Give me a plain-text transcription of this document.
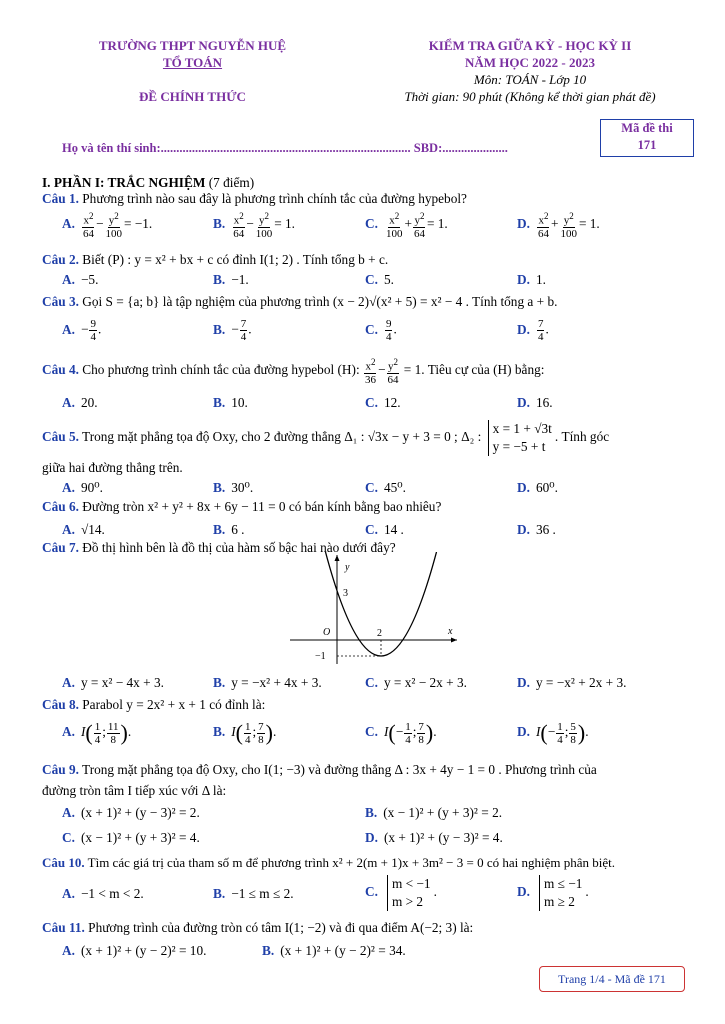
TRƯỜNG THPT NGUYỄN HUỆ
TỔ TOÁN
ĐỀ CHÍNH THỨC
KIỂM TRA GIỮA KỲ - HỌC KỲ II
NĂM HỌC 2022 - 2023
Môn: TOÁN - Lớp 10
Thời gian: 90 phút (Không kể thời gian phát đề)
Họ và tên thí sinh:................................................................................ SBD:.....................
Mã đề thi
171
I. PHẦN I: TRẮC NGHIỆM (7 điểm)
Câu 1. Phương trình nào sau đây là phương trình chính tắc của đường hypebol?
A. $\frac{x^2}{64} - \frac{y^2}{100} = -1$.	B. $\frac{x^2}{64} - \frac{y^2}{100} = 1$.	C. $\frac{x^2}{100} + \frac{y^2}{64} = 1$.	D. $\frac{x^2}{64} + \frac{y^2}{100} = 1$.
Câu 2. Biết (P) : y = x² + bx + c có đỉnh I(1; 2) . Tính tổng b + c.
A. −5.	B. −1.	C. 5.	D. 1.
Câu 3. Gọi S = {a; b} là tập nghiệm của phương trình (x − 2)√(x² + 5) = x² − 4 . Tính tổng a + b.
A. − $\frac{9}{4}$ .	B. − $\frac{7}{4}$ .	C. $\frac{9}{4}$ .	D. $\frac{7}{4}$ .
Câu 4. Cho phương trình chính tắc của đường hypebol (H): $\frac{x^2}{36} - \frac{y^2}{64} = 1$. Tiêu cự của (H) bằng:
A. 20.	B. 10.	C. 12.	D. 16.
Câu 5. Trong mặt phẳng tọa độ Oxy, cho 2 đường thẳng Δ₁ : √3x − y + 3 = 0 ; Δ₂ :
x = 1 + √3t
y = −5 + t
. Tính góc
giữa hai đường thẳng trên.
A. 90⁰.	B. 30⁰.	C. 45⁰.	D. 60⁰.
Câu 6. Đường tròn x² + y² + 8x + 6y − 11 = 0 có bán kính bằng bao nhiêu?
A. √14.	B. 6 .	C. 14 .	D. 36 .
Câu 7. Đồ thị hình bên là đồ thị của hàm số bậc hai nào dưới đây?
x
y
O
3
2
−1
A. y = x² − 4x + 3.	B. y = −x² + 4x + 3.	C. y = x² − 2x + 3.	D. y = −x² + 2x + 3.
Câu 8. Parabol y = 2x² + x + 1 có đỉnh là:
A. $I( \frac{1}{4}$ ; $\frac{11}{8}$ ).	B. $I( \frac{1}{4}$ ; $\frac{7}{8}$ ).	C. $I(- \frac{1}{4}$ ; $\frac{7}{8}$ ).	D. $I(- \frac{1}{4}$ ; $\frac{5}{8}$ ).
Câu 9. Trong mặt phẳng tọa độ Oxy, cho I(1; −3) và đường thẳng Δ : 3x + 4y − 1 = 0 . Phương trình của
đường tròn tâm I tiếp xúc với Δ là:
A. (x + 1)² + (y − 3)² = 2.	B. (x − 1)² + (y + 3)² = 2.
C. (x − 1)² + (y + 3)² = 4.	D. (x + 1)² + (y − 3)² = 4.
Câu 10. Tìm các giá trị của tham số m để phương trình x² + 2(m + 1)x + 3m² − 3 = 0 có hai nghiệm phân biệt.
A. −1 < m < 2.	B. −1 ≤ m ≤ 2.	C.
m < −1
m > 2
.	D.
m ≤ −1
m ≥ 2
.
Câu 11. Phương trình của đường tròn có tâm I(1; −2) và đi qua điểm A(−2; 3) là:
A. (x + 1)² + (y − 2)² = 10.	B. (x + 1)² + (y − 2)² = 34.
Trang 1/4 - Mã đề 171
